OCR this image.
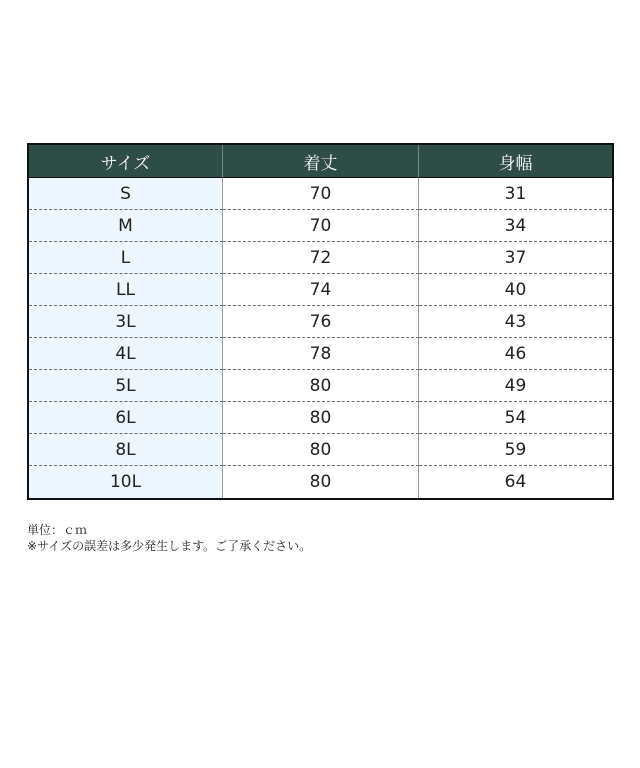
サイズ	着丈	身幅
S	70	31
M	70	34
L	72	37
LL	74	40
3L	76	43
4L	78	46
5L	80	49
6L	80	54
8L	80	59
10L	80	64
単位：ｃｍ
※サイズの誤差は多少発生します。ご了承ください。
